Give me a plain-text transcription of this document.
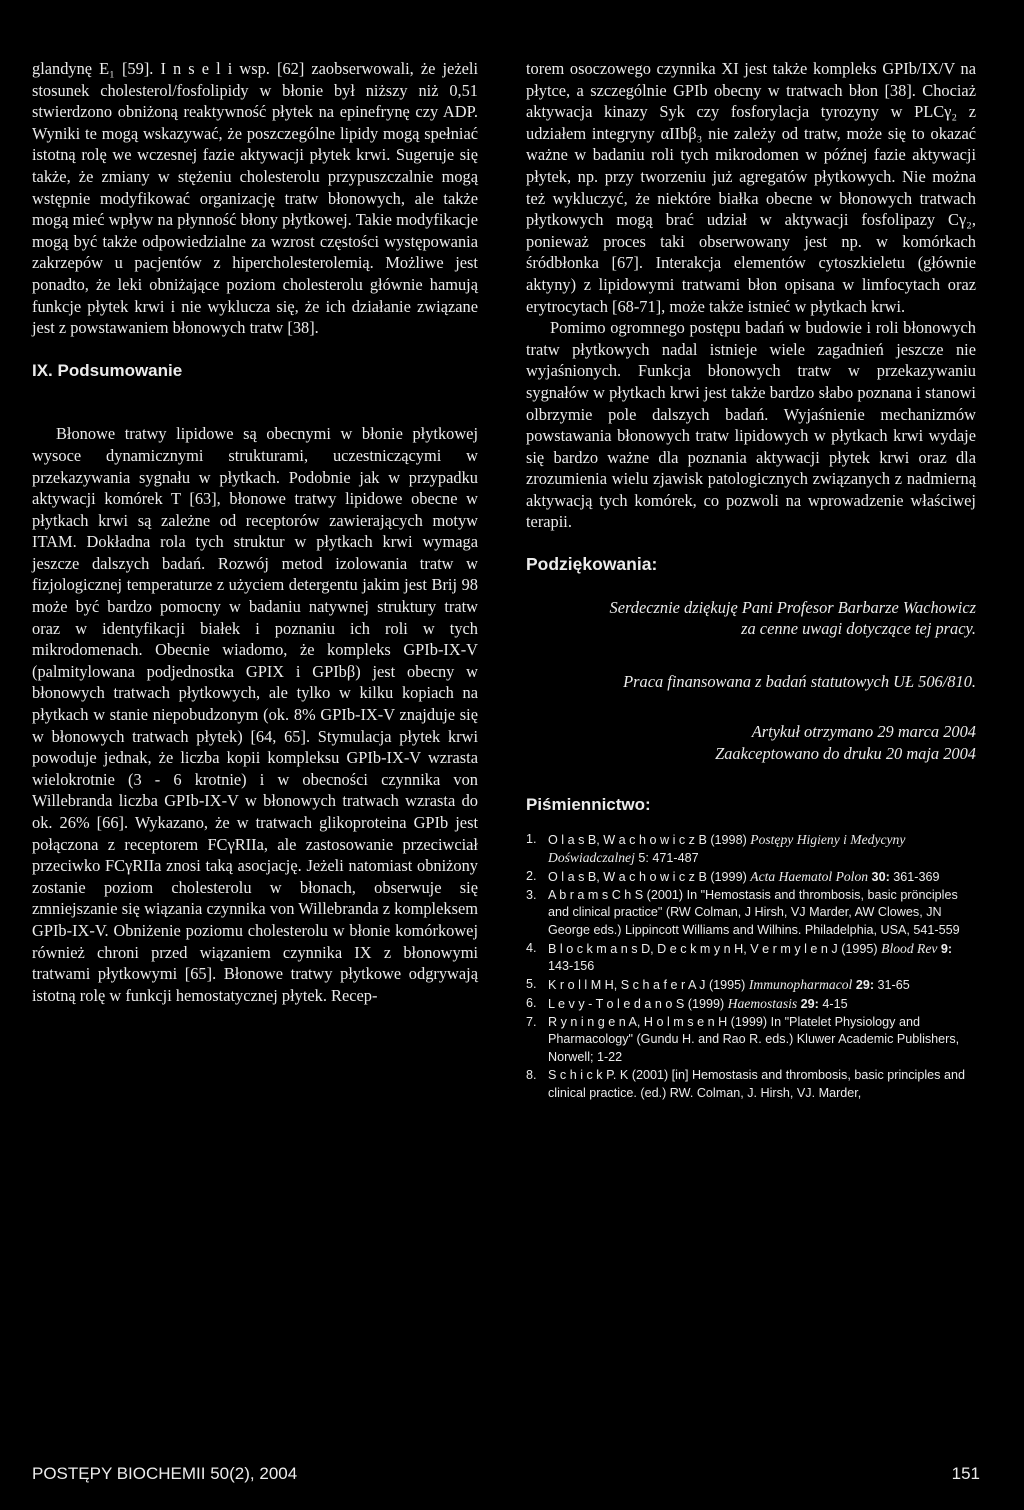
glandynę E₁ [59]. I n s e l i wsp. [62] zaobserwowali, że jeżeli stosunek cholesterol/fosfolipidy w błonie był niższy niż 0,51 stwierdzono obniżoną reaktywność płytek na epinefrynę czy ADP. Wyniki te mogą wskazywać, że poszczególne lipidy mogą spełniać istotną rolę we wczesnej fazie aktywacji płytek krwi. Sugeruje się także, że zmiany w stężeniu cholesterolu przypuszczalnie mogą wstępnie modyfikować organizację tratw błonowych, ale także mogą mieć wpływ na płynność błony płytkowej. Takie modyfikacje mogą być także odpowiedzialne za wzrost częstości występowania zakrzepów u pacjentów z hipercholesterolemią. Możliwe jest ponadto, że leki obniżające poziom cholesterolu głównie hamują funkcje płytek krwi i nie wyklucza się, że ich działanie związane jest z powstawaniem błonowych tratw [38].

IX. Podsumowanie

Błonowe tratwy lipidowe są obecnymi w błonie płytkowej wysoce dynamicznymi strukturami, uczestniczącymi w przekazywania sygnału w płytkach. Podobnie jak w przypadku aktywacji komórek T [63], błonowe tratwy lipidowe obecne w płytkach krwi są zależne od receptorów zawierających motyw ITAM. Dokładna rola tych struktur w płytkach krwi wymaga jeszcze dalszych badań. Rozwój metod izolowania tratw w fizjologicznej temperaturze z użyciem detergentu jakim jest Brij 98 może być bardzo pomocny w badaniu natywnej struktury tratw oraz w identyfikacji białek i poznaniu ich roli w tych mikrodomenach. Obecnie wiadomo, że kompleks GPIb-IX-V (palmitylowana podjednostka GPIX i GPIbβ) jest obecny w błonowych tratwach płytkowych, ale tylko w kilku kopiach na płytkach w stanie niepobudzonym (ok. 8% GPIb-IX-V znajduje się w błonowych tratwach płytek) [64, 65]. Stymulacja płytek krwi powoduje jednak, że liczba kopii kompleksu GPIb-IX-V wzrasta wielokrotnie (3 - 6 krotnie) i w obecności czynnika von Willebranda liczba GPIb-IX-V w błonowych tratwach wzrasta do ok. 26% [66]. Wykazano, że w tratwach glikoproteina GPIb jest połączona z receptorem FCγRIIa, ale zastosowanie przeciwciał przeciwko FCγRIIa znosi taką asocjację. Jeżeli natomiast obniżony zostanie poziom cholesterolu w błonach, obserwuje się zmniejszanie się wiązania czynnika von Willebranda z kompleksem GPIb-IX-V. Obniżenie poziomu cholesterolu w błonie komórkowej również chroni przed wiązaniem czynnika IX z błonowymi tratwami płytkowymi [65]. Błonowe tratwy płytkowe odgrywają istotną rolę w funkcji hemostatycznej płytek. Recep-

torem osoczowego czynnika XI jest także kompleks GPIb/IX/V na płytce, a szczególnie GPIb obecny w tratwach błon [38]. Chociaż aktywacja kinazy Syk czy fosforylacja tyrozyny w PLCγ₂ z udziałem integryny αIIbβ₃ nie zależy od tratw, może się to okazać ważne w badaniu roli tych mikrodomen w późnej fazie aktywacji płytek, np. przy tworzeniu już agregatów płytkowych. Nie można też wykluczyć, że niektóre białka obecne w błonowych tratwach płytkowych mogą brać udział w aktywacji fosfolipazy Cγ₂, ponieważ proces taki obserwowany jest np. w komórkach śródbłonka [67]. Interakcja elementów cytoszkieletu (głównie aktyny) z lipidowymi tratwami błon opisana w limfocytach oraz erytrocytach [68-71], może także istnieć w płytkach krwi.

Pomimo ogromnego postępu badań w budowie i roli błonowych tratw płytkowych nadal istnieje wiele zagadnień jeszcze nie wyjaśnionych. Funkcja błonowych tratw w przekazywaniu sygnałów w płytkach krwi jest także bardzo słabo poznana i stanowi olbrzymie pole dalszych badań. Wyjaśnienie mechanizmów powstawania błonowych tratw lipidowych w płytkach krwi wydaje się bardzo ważne dla poznania aktywacji płytek krwi oraz dla zrozumienia wielu zjawisk patologicznych związanych z nadmierną aktywacją tych komórek, co pozwoli na wprowadzenie właściwej terapii.

Podziękowania:

Serdecznie dziękuję Pani Profesor Barbarze Wachowicz

za cenne uwagi dotyczące tej pracy.

Praca finansowana z badań statutowych UŁ 506/810.

Artykuł otrzymano 29 marca 2004

Zaakceptowano do druku 20 maja 2004

Piśmiennictwo:

1. O l a s B, W a c h o w i c z B (1998) Postępy Higieny i Medycyny Doświadczalnej 5: 471-487
2. O l a s B, W a c h o w i c z B (1999) Acta Haematol Polon 30: 361-369
3. A b r a m s C h S (2001) In "Hemostasis and thrombosis, basic prönciples and clinical practice" (RW Colman, J Hirsh, VJ Marder, AW Clowes, JN George eds.) Lippincott Williams and Wilhins. Philadelphia, USA, 541-559
4. B l o c k m a n s D, D e c k m y n H, V e r m y l e n J (1995) Blood Rev 9: 143-156
5. K r o l l M H, S c h a f e r A J (1995) Immunopharmacol 29: 31-65
6. L e v y - T o l e d a n o S (1999) Haemostasis 29: 4-15
7. R y n i n g e n A, H o l m s e n H (1999) In "Platelet Physiology and Pharmacology" (Gundu H. and Rao R. eds.) Kluwer Academic Publishers, Norwell; 1-22
8. S c h i c k P. K (2001) [in] Hemostasis and thrombosis, basic principles and clinical practice. (ed.) RW. Colman, J. Hirsh, VJ. Marder,
POSTĘPY BIOCHEMII 50(2), 2004	151
